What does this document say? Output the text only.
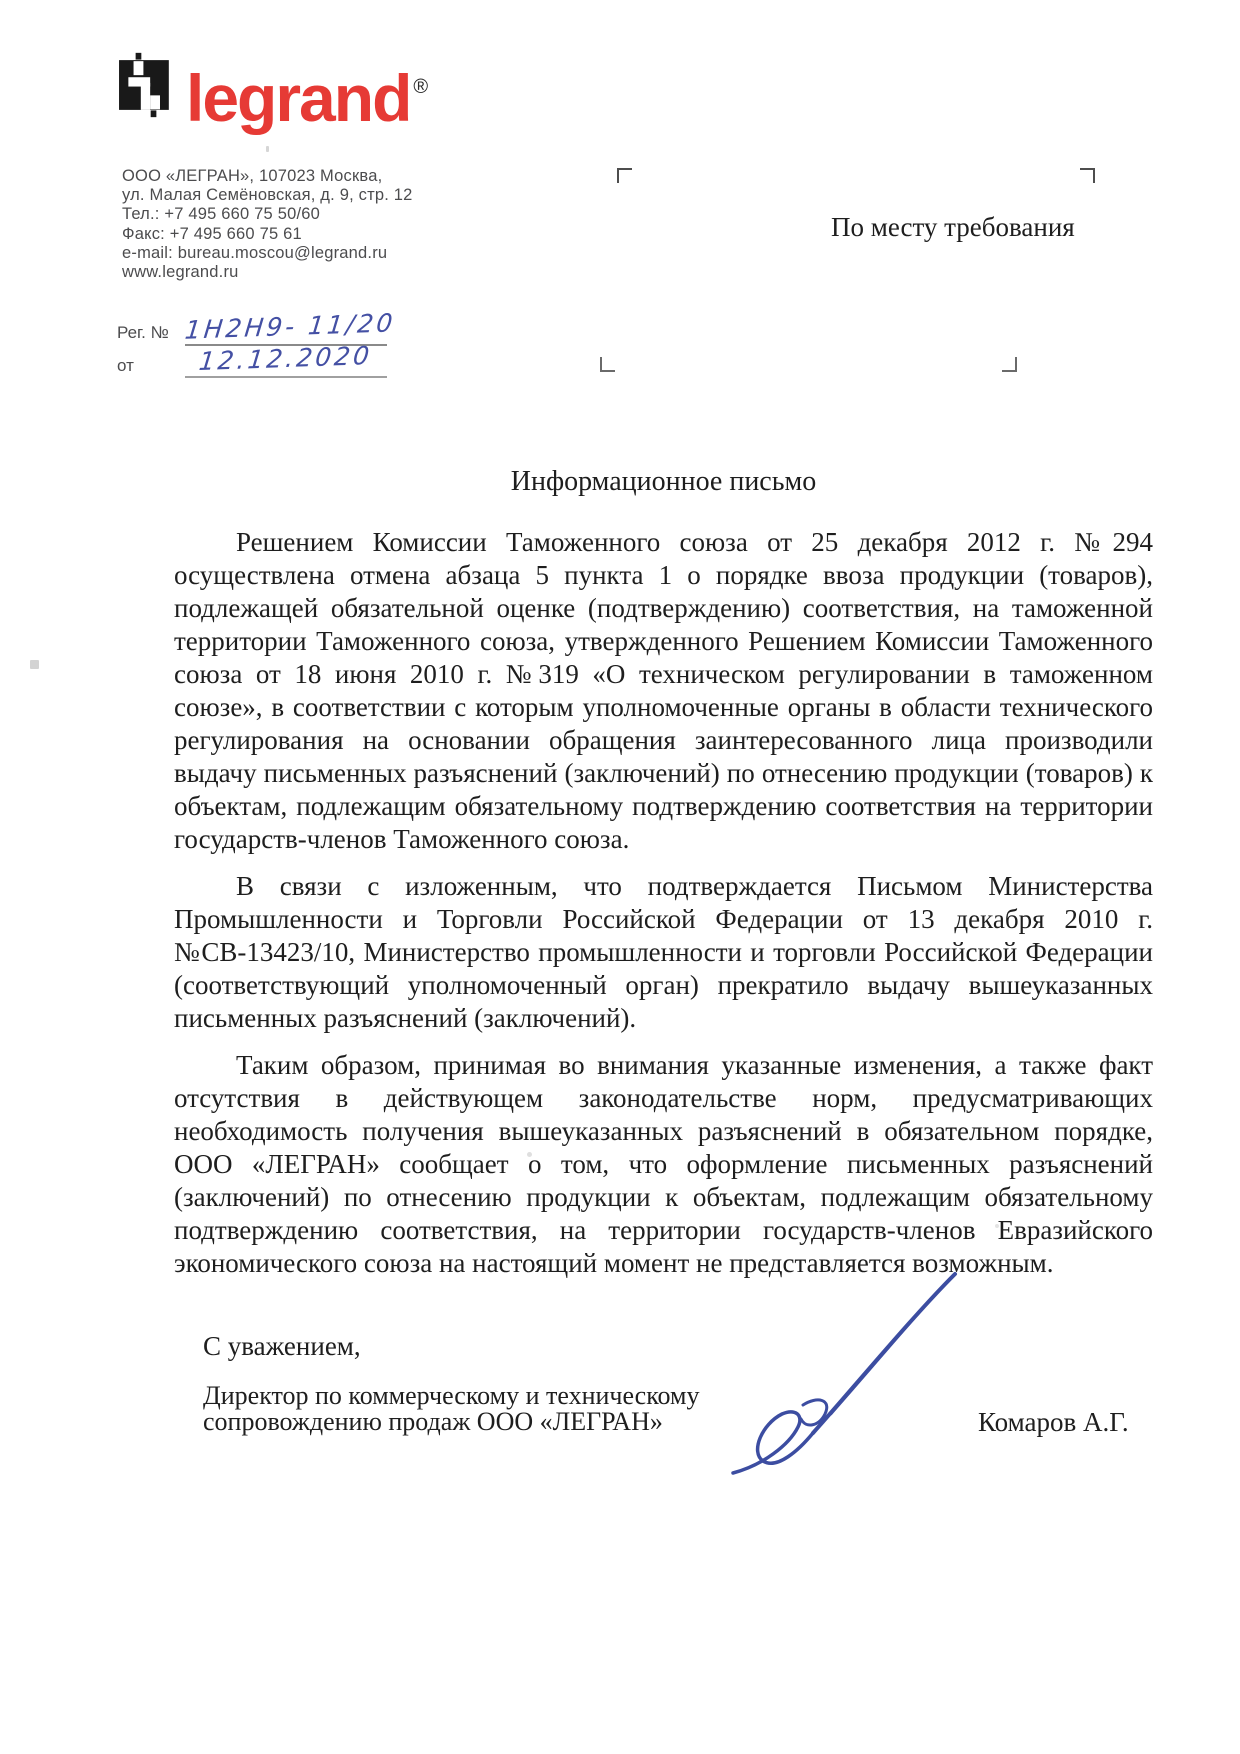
legrand ®
ООО «ЛЕГРАН», 107023 Москва,
ул. Малая Семёновская, д. 9, стр. 12
Тел.: +7 495 660 75 50/60
Факс: +7 495 660 75 61
e-mail: bureau.moscou@legrand.ru
www.legrand.ru
Рег. № 1Н2Н9- 11/20
от	12.12.2020
По месту требования
Информационное письмо

Решением Комиссии Таможенного союза от 25 декабря 2012 г. №294 осуществлена отмена абзаца 5 пункта 1 о порядке ввоза продукции (товаров), подлежащей обязательной оценке (подтверждению) соответствия, на таможенной территории Таможенного союза, утвержденного Решением Комиссии Таможенного союза от 18 июня 2010 г. №319 «О техническом регулировании в таможенном союзе», в соответствии с которым уполномоченные органы в области технического регулирования на основании обращения заинтересованного лица производили выдачу письменных разъяснений (заключений) по отнесению продукции (товаров) к объектам, подлежащим обязательному подтверждению соответствия на территории государств-членов Таможенного союза.

В связи с изложенным, что подтверждается Письмом Министерства Промышленности и Торговли Российской Федерации от 13 декабря 2010 г. №СВ-13423/10, Министерство промышленности и торговли Российской Федерации (соответствующий уполномоченный орган) прекратило выдачу вышеуказанных письменных разъяснений (заключений).

Таким образом, принимая во внимания указанные изменения, а также факт отсутствия в действующем законодательстве норм, предусматривающих необходимость получения вышеуказанных разъяснений в обязательном порядке, ООО «ЛЕГРАН» сообщает о том, что оформление письменных разъяснений (заключений) по отнесению продукции к объектам, подлежащим обязательному подтверждению соответствия, на территории государств-членов Евразийского экономического союза на настоящий момент не представляется возможным.

С уважением,
Директор по коммерческому и техническому
сопровождению продаж ООО «ЛЕГРАН»	Комаров А.Г.
